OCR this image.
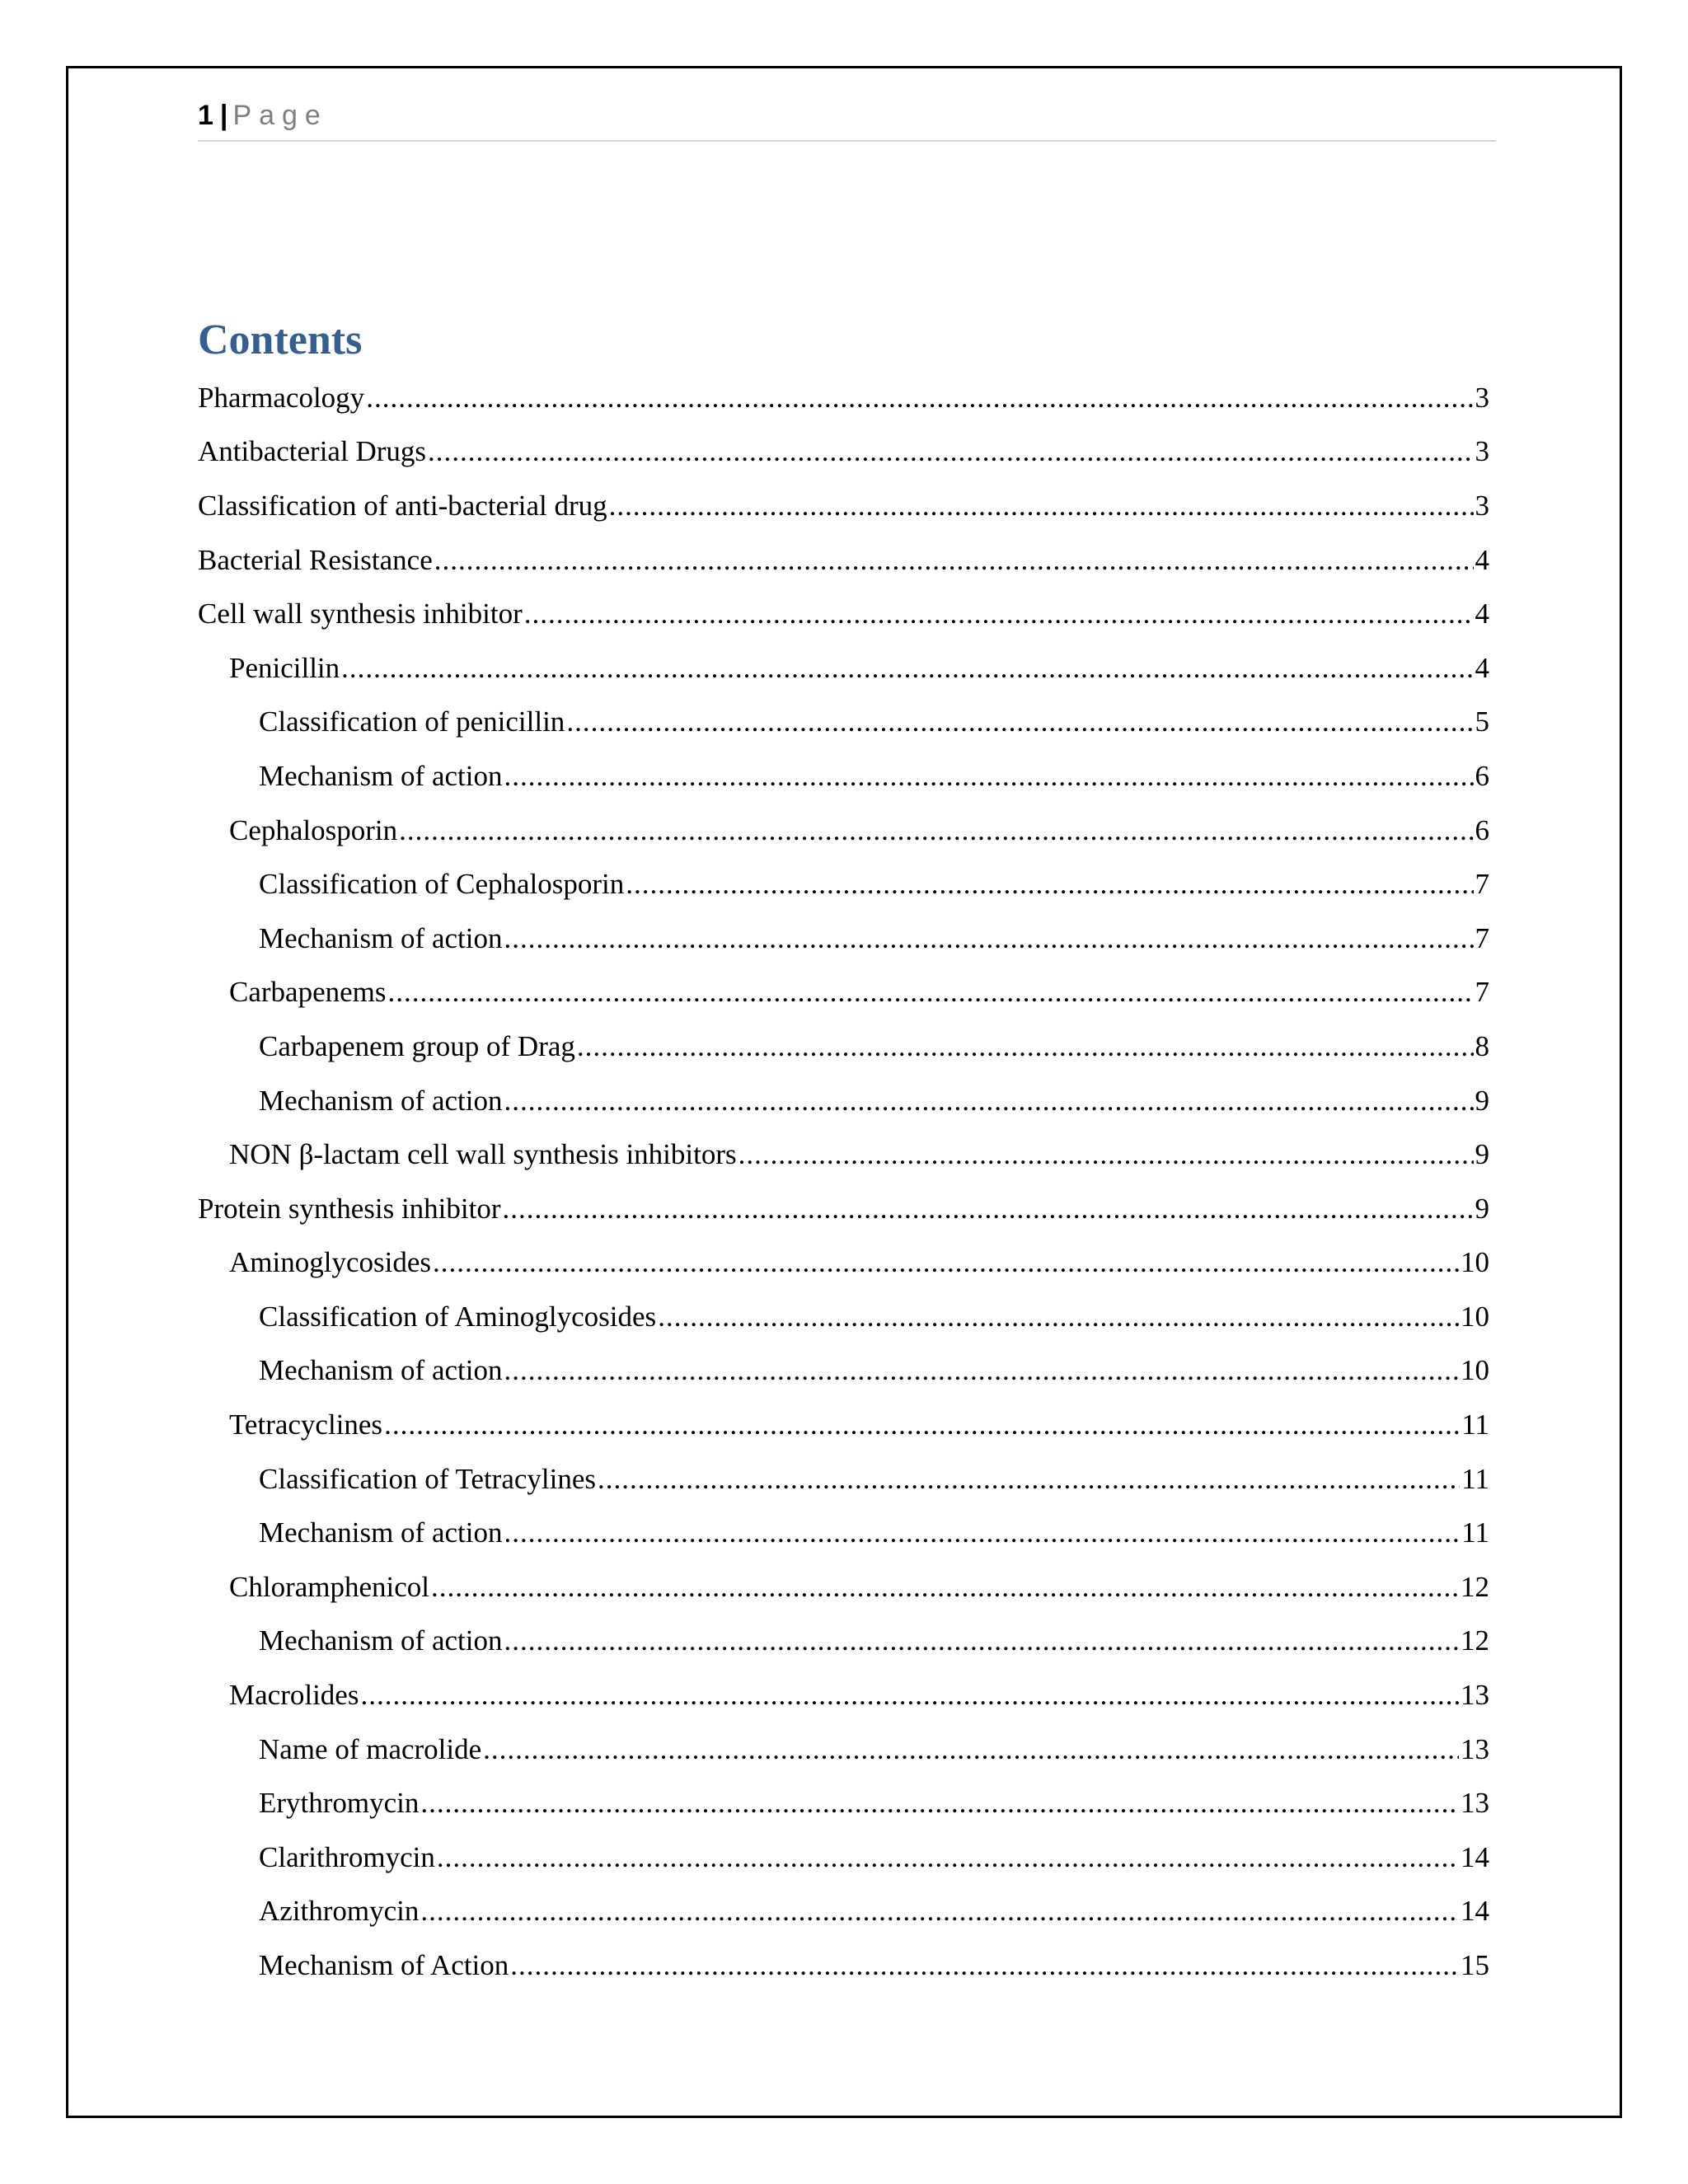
1 | Page
Contents
Pharmacology .....	3
Antibacterial Drugs .....	3
Classification of anti-bacterial drug .....	3
Bacterial Resistance .....	4
Cell wall synthesis inhibitor .....	4
Penicillin .....	4
Classification of penicillin .....	5
Mechanism of action .....	6
Cephalosporin .....	6
Classification of Cephalosporin .....	7
Mechanism of action .....	7
Carbapenems .....	7
Carbapenem group of Drag .....	8
Mechanism of action .....	9
NON β-lactam cell wall synthesis inhibitors .....	9
Protein synthesis inhibitor .....	9
Aminoglycosides .....	10
Classification of Aminoglycosides .....	10
Mechanism of action .....	10
Tetracyclines .....	11
Classification of Tetracylines .....	11
Mechanism of action .....	11
Chloramphenicol .....	12
Mechanism of action .....	12
Macrolides .....	13
Name of macrolide .....	13
Erythromycin .....	13
Clarithromycin .....	14
Azithromycin .....	14
Mechanism of Action .....	15
